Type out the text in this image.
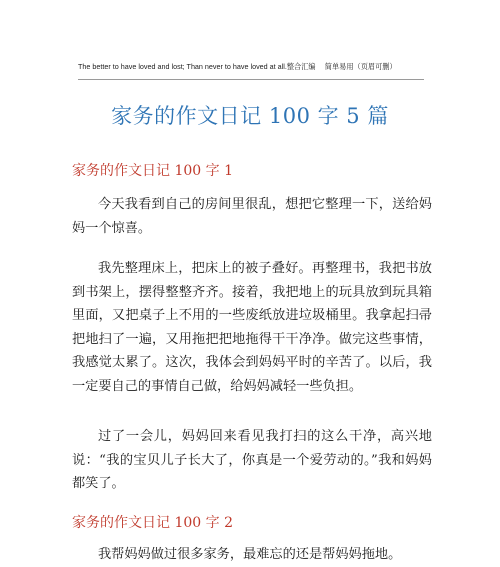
The better to have loved and lost; Than never to have loved at all.整合汇编　 简单易用（页眉可删）
家务的作文日记 100 字 5 篇
家务的作文日记 100 字 1
今天我看到自己的房间里很乱，想把它整理一下，送给妈妈一个惊喜。
我先整理床上，把床上的被子叠好。再整理书，我把书放到书架上，摆得整整齐齐。接着，我把地上的玩具放到玩具箱里面，又把桌子上不用的一些废纸放进垃圾桶里。我拿起扫帚把地扫了一遍，又用拖把把地拖得干干净净。做完这些事情，我感觉太累了。这次，我体会到妈妈平时的辛苦了。以后，我一定要自己的事情自己做，给妈妈减轻一些负担。
过了一会儿，妈妈回来看见我打扫的这么干净，高兴地说：“我的宝贝儿子长大了，你真是一个爱劳动的。”我和妈妈都笑了。
家务的作文日记 100 字 2
我帮妈妈做过很多家务，最难忘的还是帮妈妈拖地。
